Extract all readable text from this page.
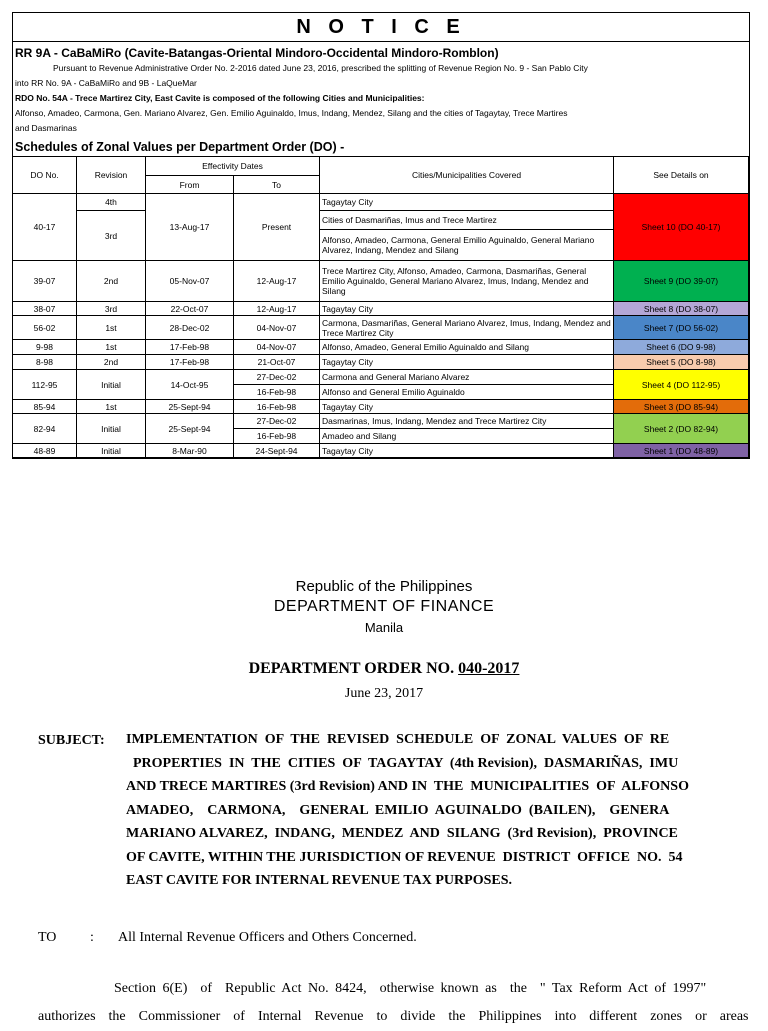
N O T I C E
RR 9A - CaBaMiRo (Cavite-Batangas-Oriental Mindoro-Occidental Mindoro-Romblon)
Pursuant to Revenue Administrative Order No. 2-2016 dated June 23, 2016, prescribed the splitting of Revenue Region No. 9 - San Pablo City
into RR No. 9A - CaBaMiRo and 9B - LaQueMar
RDO No. 54A - Trece Martirez City, East Cavite is composed of the following Cities and Municipalities:
Alfonso, Amadeo, Carmona, Gen. Mariano Alvarez, Gen. Emilio Aguinaldo, Imus, Indang, Mendez, Silang and the cities of Tagaytay, Trece Martires
and Dasmarinas
Schedules of Zonal Values per Department Order (DO) -
DO No.	Revision	Effectivity Dates		Cities/Municipalities Covered	See Details on
		From	To		
40-17	4th	13-Aug-17	Present	Tagaytay City	Sheet 10 (DO 40-17)
	3rd			Cities of Dasmariñas, Imus and Trece Martirez	
				Alfonso, Amadeo, Carmona, General Emilio Aguinaldo, General Mariano Alvarez, Indang, Mendez and Silang	
39-07	2nd	05-Nov-07	12-Aug-17	Trece Martirez City, Alfonso, Amadeo, Carmona, Dasmariñas, General Emilio Aguinaldo, General Mariano Alvarez, Imus, Indang, Mendez and Silang	Sheet 9 (DO 39-07)
38-07	3rd	22-Oct-07	12-Aug-17	Tagaytay City	Sheet 8 (DO 38-07)
56-02	1st	28-Dec-02	04-Nov-07	Carmona, Dasmariñas, General Mariano Alvarez, Imus, Indang, Mendez and Trece Martirez City	Sheet 7 (DO 56-02)
9-98	1st	17-Feb-98	04-Nov-07	Alfonso, Amadeo, General Emilio Aguinaldo and Silang	Sheet 6 (DO 9-98)
8-98	2nd	17-Feb-98	21-Oct-07	Tagaytay City	Sheet 5 (DO 8-98)
112-95	Initial	14-Oct-95	27-Dec-02	Carmona and General Mariano Alvarez	Sheet 4 (DO 112-95)
			16-Feb-98	Alfonso and General Emilio Aguinaldo	
85-94	1st	25-Sept-94	16-Feb-98	Tagaytay City	Sheet 3 (DO 85-94)
82-94	Initial	25-Sept-94	27-Dec-02	Dasmarinas, Imus, Indang, Mendez and Trece Martirez City	Sheet 2 (DO 82-94)
			16-Feb-98	Amadeo and Silang	
48-89	Initial	8-Mar-90	24-Sept-94	Tagaytay City	Sheet 1 (DO 48-89)
Republic of the Philippines
DEPARTMENT OF FINANCE
Manila
DEPARTMENT ORDER NO. 040-2017
June 23, 2017
SUBJECT: IMPLEMENTATION  OF  THE  REVISED  SCHEDULE  OF  ZONAL  VALUES  OF  RE
PROPERTIES  IN  THE  CITIES  OF  TAGAYTAY  (4th Revision),  DASMARIÑAS,  IMU
AND TRECE MARTIRES (3rd Revision) AND IN  THE  MUNICIPALITIES  OF  ALFONSO
AMADEO,    CARMONA,    GENERAL  EMILIO  AGUINALDO  (BAILEN),    GENERA
MARIANO ALVAREZ,  INDANG,  MENDEZ  AND  SILANG  (3rd Revision),  PROVINCE
OF CAVITE, WITHIN THE JURISDICTION OF REVENUE  DISTRICT  OFFICE  NO.  54
EAST CAVITE FOR INTERNAL REVENUE TAX PURPOSES.
TO : All Internal Revenue Officers and Others Concerned.
Section 6(E)  of  Republic Act No. 8424,  otherwise known as  the  " Tax Reform Act of 1997"
authorizes  the  Commissioner  of  Internal  Revenue  to  divide  the  Philippines  into  different  zones  or  areas
